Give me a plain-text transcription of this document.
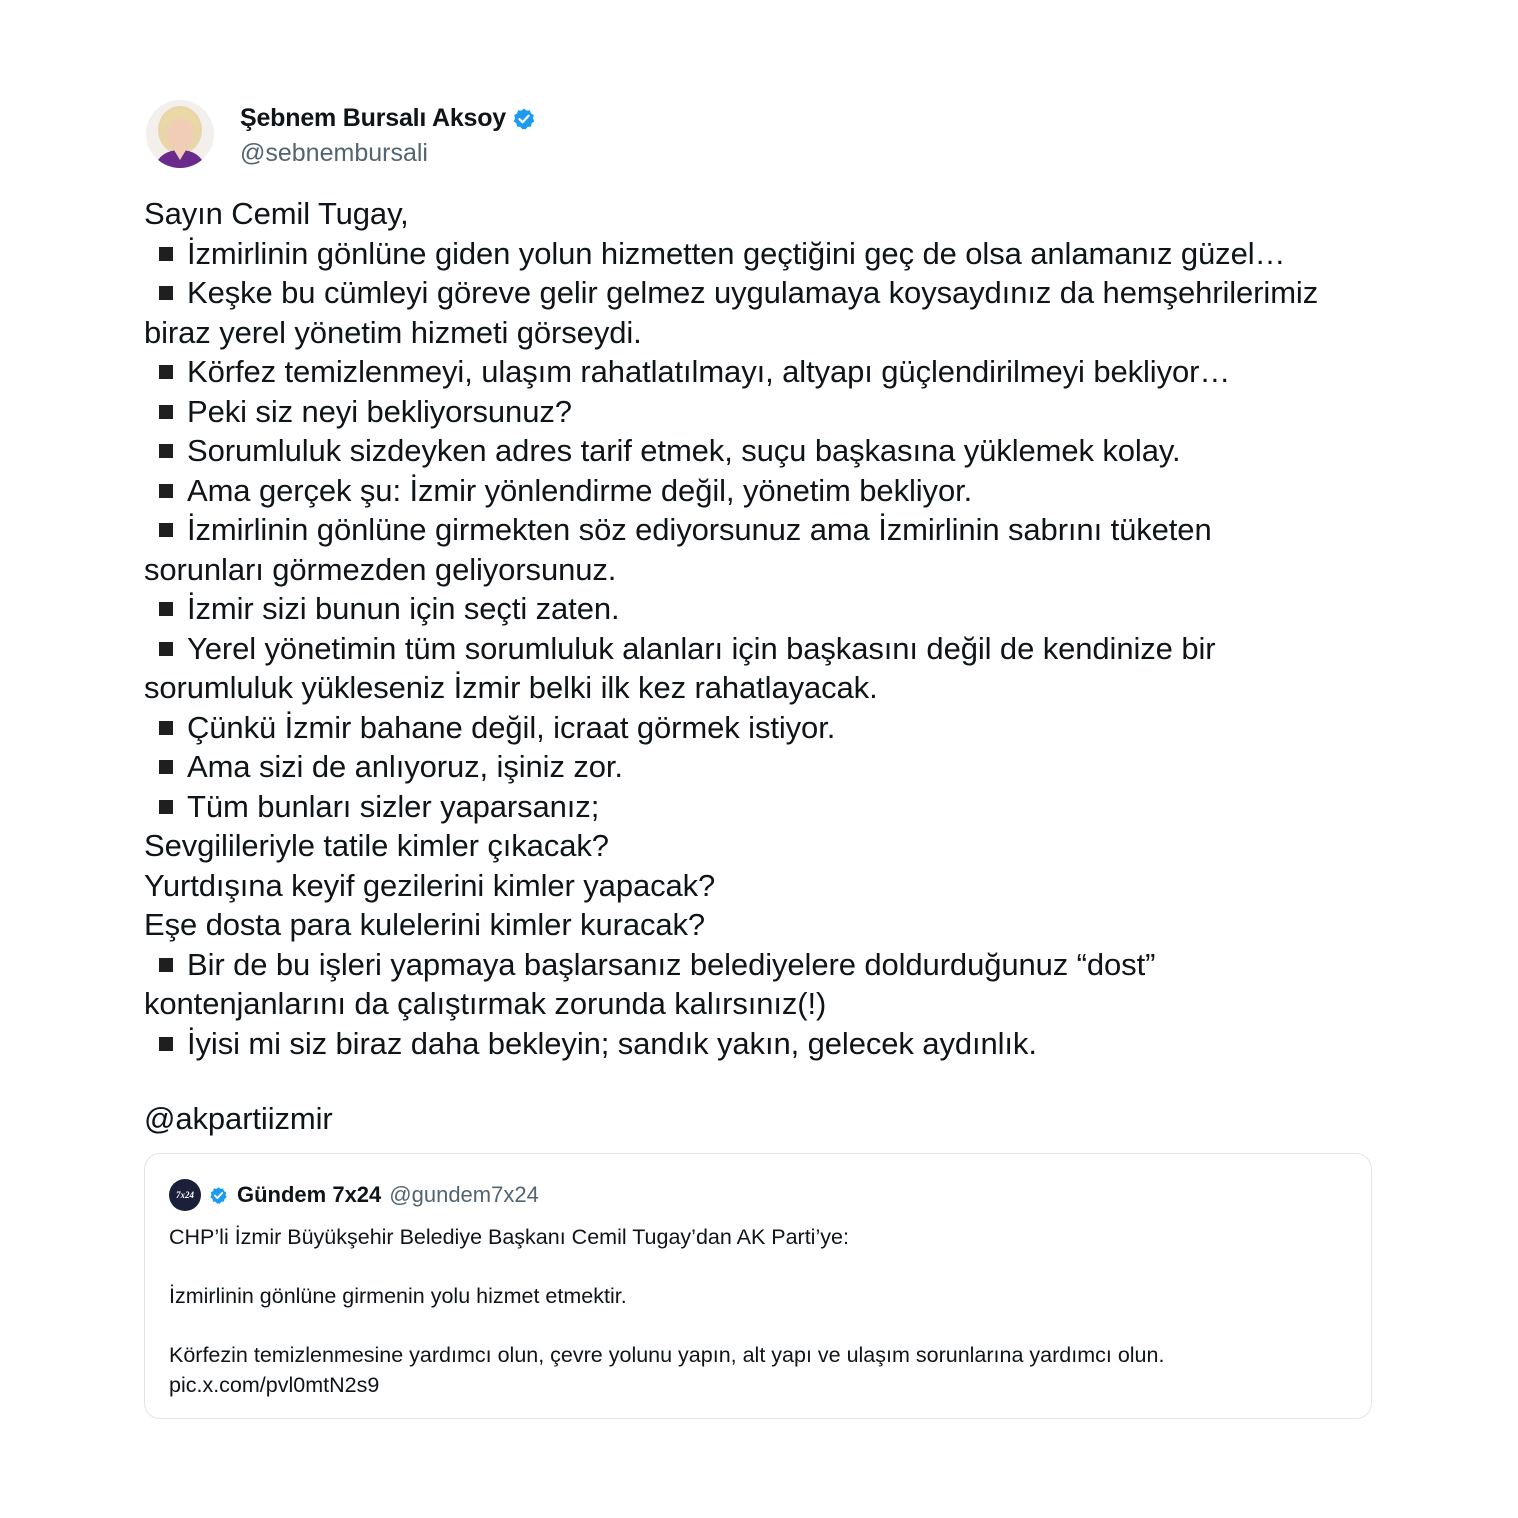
Şebnem Bursalı Aksoy
@sebnembursali
Sayın Cemil Tugay,
İzmirlinin gönlüne giden yolun hizmetten geçtiğini geç de olsa anlamanız güzel…
Keşke bu cümleyi göreve gelir gelmez uygulamaya koysaydınız da hemşehrilerimiz
biraz yerel yönetim hizmeti görseydi.
Körfez temizlenmeyi, ulaşım rahatlatılmayı, altyapı güçlendirilmeyi bekliyor…
Peki siz neyi bekliyorsunuz?
Sorumluluk sizdeyken adres tarif etmek, suçu başkasına yüklemek kolay.
Ama gerçek şu: İzmir yönlendirme değil, yönetim bekliyor.
İzmirlinin gönlüne girmekten söz ediyorsunuz ama İzmirlinin sabrını tüketen
sorunları görmezden geliyorsunuz.
İzmir sizi bunun için seçti zaten.
Yerel yönetimin tüm sorumluluk alanları için başkasını değil de kendinize bir
sorumluluk yükleseniz İzmir belki ilk kez rahatlayacak.
Çünkü İzmir bahane değil, icraat görmek istiyor.
Ama sizi de anlıyoruz, işiniz zor.
Tüm bunları sizler yaparsanız;
Sevgilileriyle tatile kimler çıkacak?
Yurtdışına keyif gezilerini kimler yapacak?
Eşe dosta para kulelerini kimler kuracak?
Bir de bu işleri yapmaya başlarsanız belediyelere doldurduğunuz “dost”
kontenjanlarını da çalıştırmak zorunda kalırsınız(!)
İyisi mi siz biraz daha bekleyin; sandık yakın, gelecek aydınlık.
@akpartiizmir
7x24 Gündem 7x24 @gundem7x24
CHP’li İzmir Büyükşehir Belediye Başkanı Cemil Tugay’dan AK Parti’ye:
İzmirlinin gönlüne girmenin yolu hizmet etmektir.
Körfezin temizlenmesine yardımcı olun, çevre yolunu yapın, alt yapı ve ulaşım sorunlarına yardımcı olun.
pic.x.com/pvl0mtN2s9
